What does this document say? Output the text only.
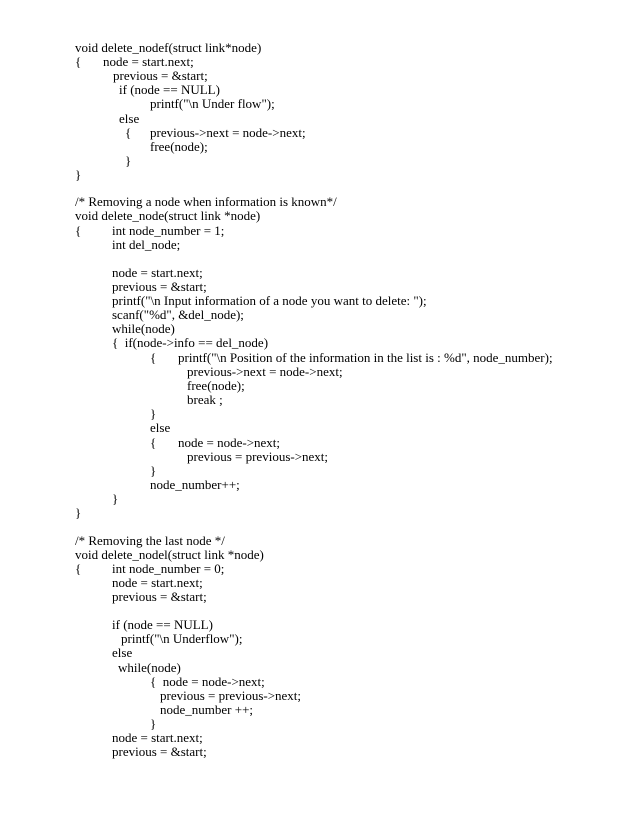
void delete_nodef(struct link*node)
{ node = start.next;
previous = &start;
if (node == NULL)
printf("\n Under flow");
else
{ previous->next = node->next;
free(node);
}
}
/* Removing a node when information is known*/
void delete_node(struct link *node)
{ int node_number = 1;
int del_node;
node = start.next;
previous = &start;
printf("\n Input information of a node you want to delete: ");
scanf("%d", &del_node);
while(node)
{  if(node->info == del_node)
{ printf("\n Position of the information in the list is : %d", node_number);
previous->next = node->next;
free(node);
break ;
}
else
{ node = node->next;
previous = previous->next;
}
node_number++;
}
}
/* Removing the last node */
void delete_nodel(struct link *node)
{ int node_number = 0;
node = start.next;
previous = &start;
if (node == NULL)
printf("\n Underflow");
else
while(node)
{  node = node->next;
previous = previous->next;
node_number ++;
}
node = start.next;
previous = &start;
